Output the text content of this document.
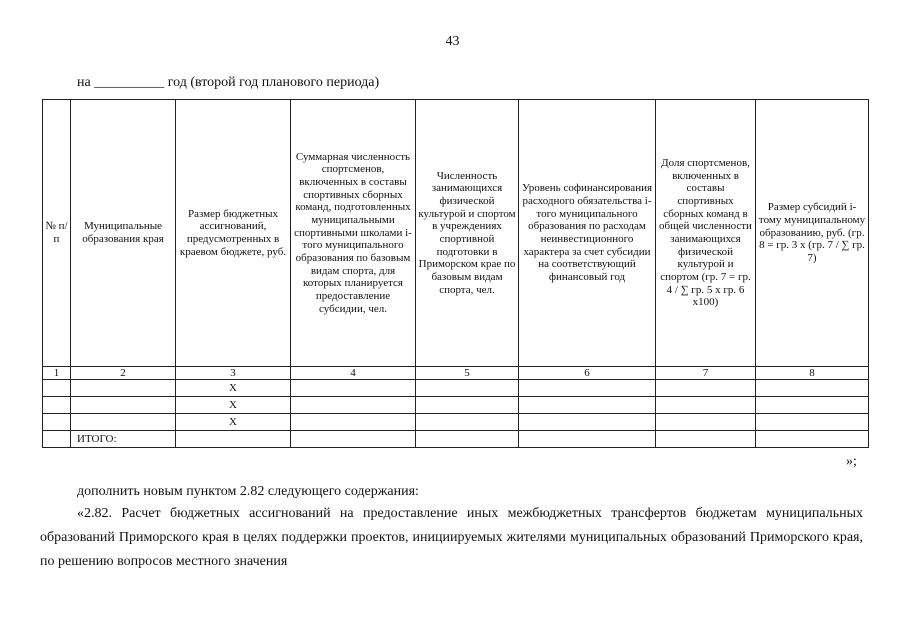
43
на __________ год (второй год планового периода)
№ п/п	Муниципальные образования края	Размер бюджетных ассигнований, предусмотренных в краевом бюджете, руб.	Суммарная численность спортсменов, включенных в составы спортивных сборных команд, подготовленных муниципальными спортивными школами i-того муниципального образования по базовым видам спорта, для которых планируется предоставление субсидии, чел.	Численность занимающихся физической культурой и спортом в учреждениях спортивной подготовки в Приморском крае по базовым видам спорта, чел.	Уровень софинансирования расходного обязательства i-того муниципального образования по расходам неинвестиционного характера за счет субсидии на соответствующий финансовый год	Доля спортсменов, включенных в составы спортивных сборных команд в общей численности занимающихся физической культурой и спортом (гр. 7 = гр. 4 / ∑ гр. 5 x гр. 6 x100)	Размер субсидий i-тому муниципальному образованию, руб. (гр. 8 = гр. 3 x (гр. 7 / ∑ гр. 7)
1	2	3	4	5	6	7	8
		X					
		X					
		X					
	ИТОГО:						
»;
дополнить новым пунктом 2.82 следующего содержания:
«2.82. Расчет бюджетных ассигнований на предоставление иных межбюджетных трансфертов бюджетам муниципальных образований Приморского края в целях поддержки проектов, инициируемых жителями муниципальных образований Приморского края, по решению вопросов местного значения
